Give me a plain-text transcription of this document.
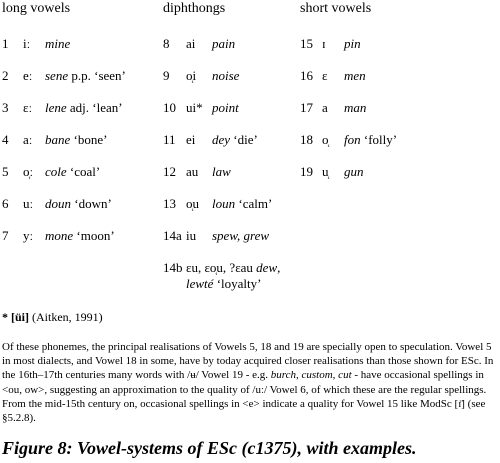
long vowels
1 iː mine
2 eː sene p.p. ‘seen’
3 ɛː lene adj. ‘lean’
4 aː bane ‘bone’
5 o̜ː cole ‘coal’
6 uː doun ‘down’
7 yː mone ‘moon’
diphthongs
8 ai pain
9 o̜i noise
10 ui* point
11 ei dey ‘die’
12 au law
13 o̜u loun ‘calm’
14a iu spew, grew
14b ɛu, ɛo̜u, ?ɛau dew,
lewté ‘loyalty’
short vowels
15 ɪ pin
16 ɛ men
17 a man
18 o̜ fon ‘folly’
19 u̜ gun
* [üi] (Aitken, 1991)
Of these phonemes, the principal realisations of Vowels 5, 18 and 19 are specially open to speculation. Vowel 5 in most dialects, and Vowel 18 in some, have by today acquired closer realisations than those shown for ESc. In the 16th–17th centuries many words with /ʉ/ Vowel 19 - e.g. burch, custom, cut - have occasional spellings in <ou, ow>, suggesting an approximation to the quality of /uː/ Vowel 6, of which these are the regular spellings. From the mid-15th century on, occasional spellings in <e> indicate a quality for Vowel 15 like ModSc [ɪ̈] (see §5.2.8).
Figure 8: Vowel-systems of ESc (c1375), with examples.
